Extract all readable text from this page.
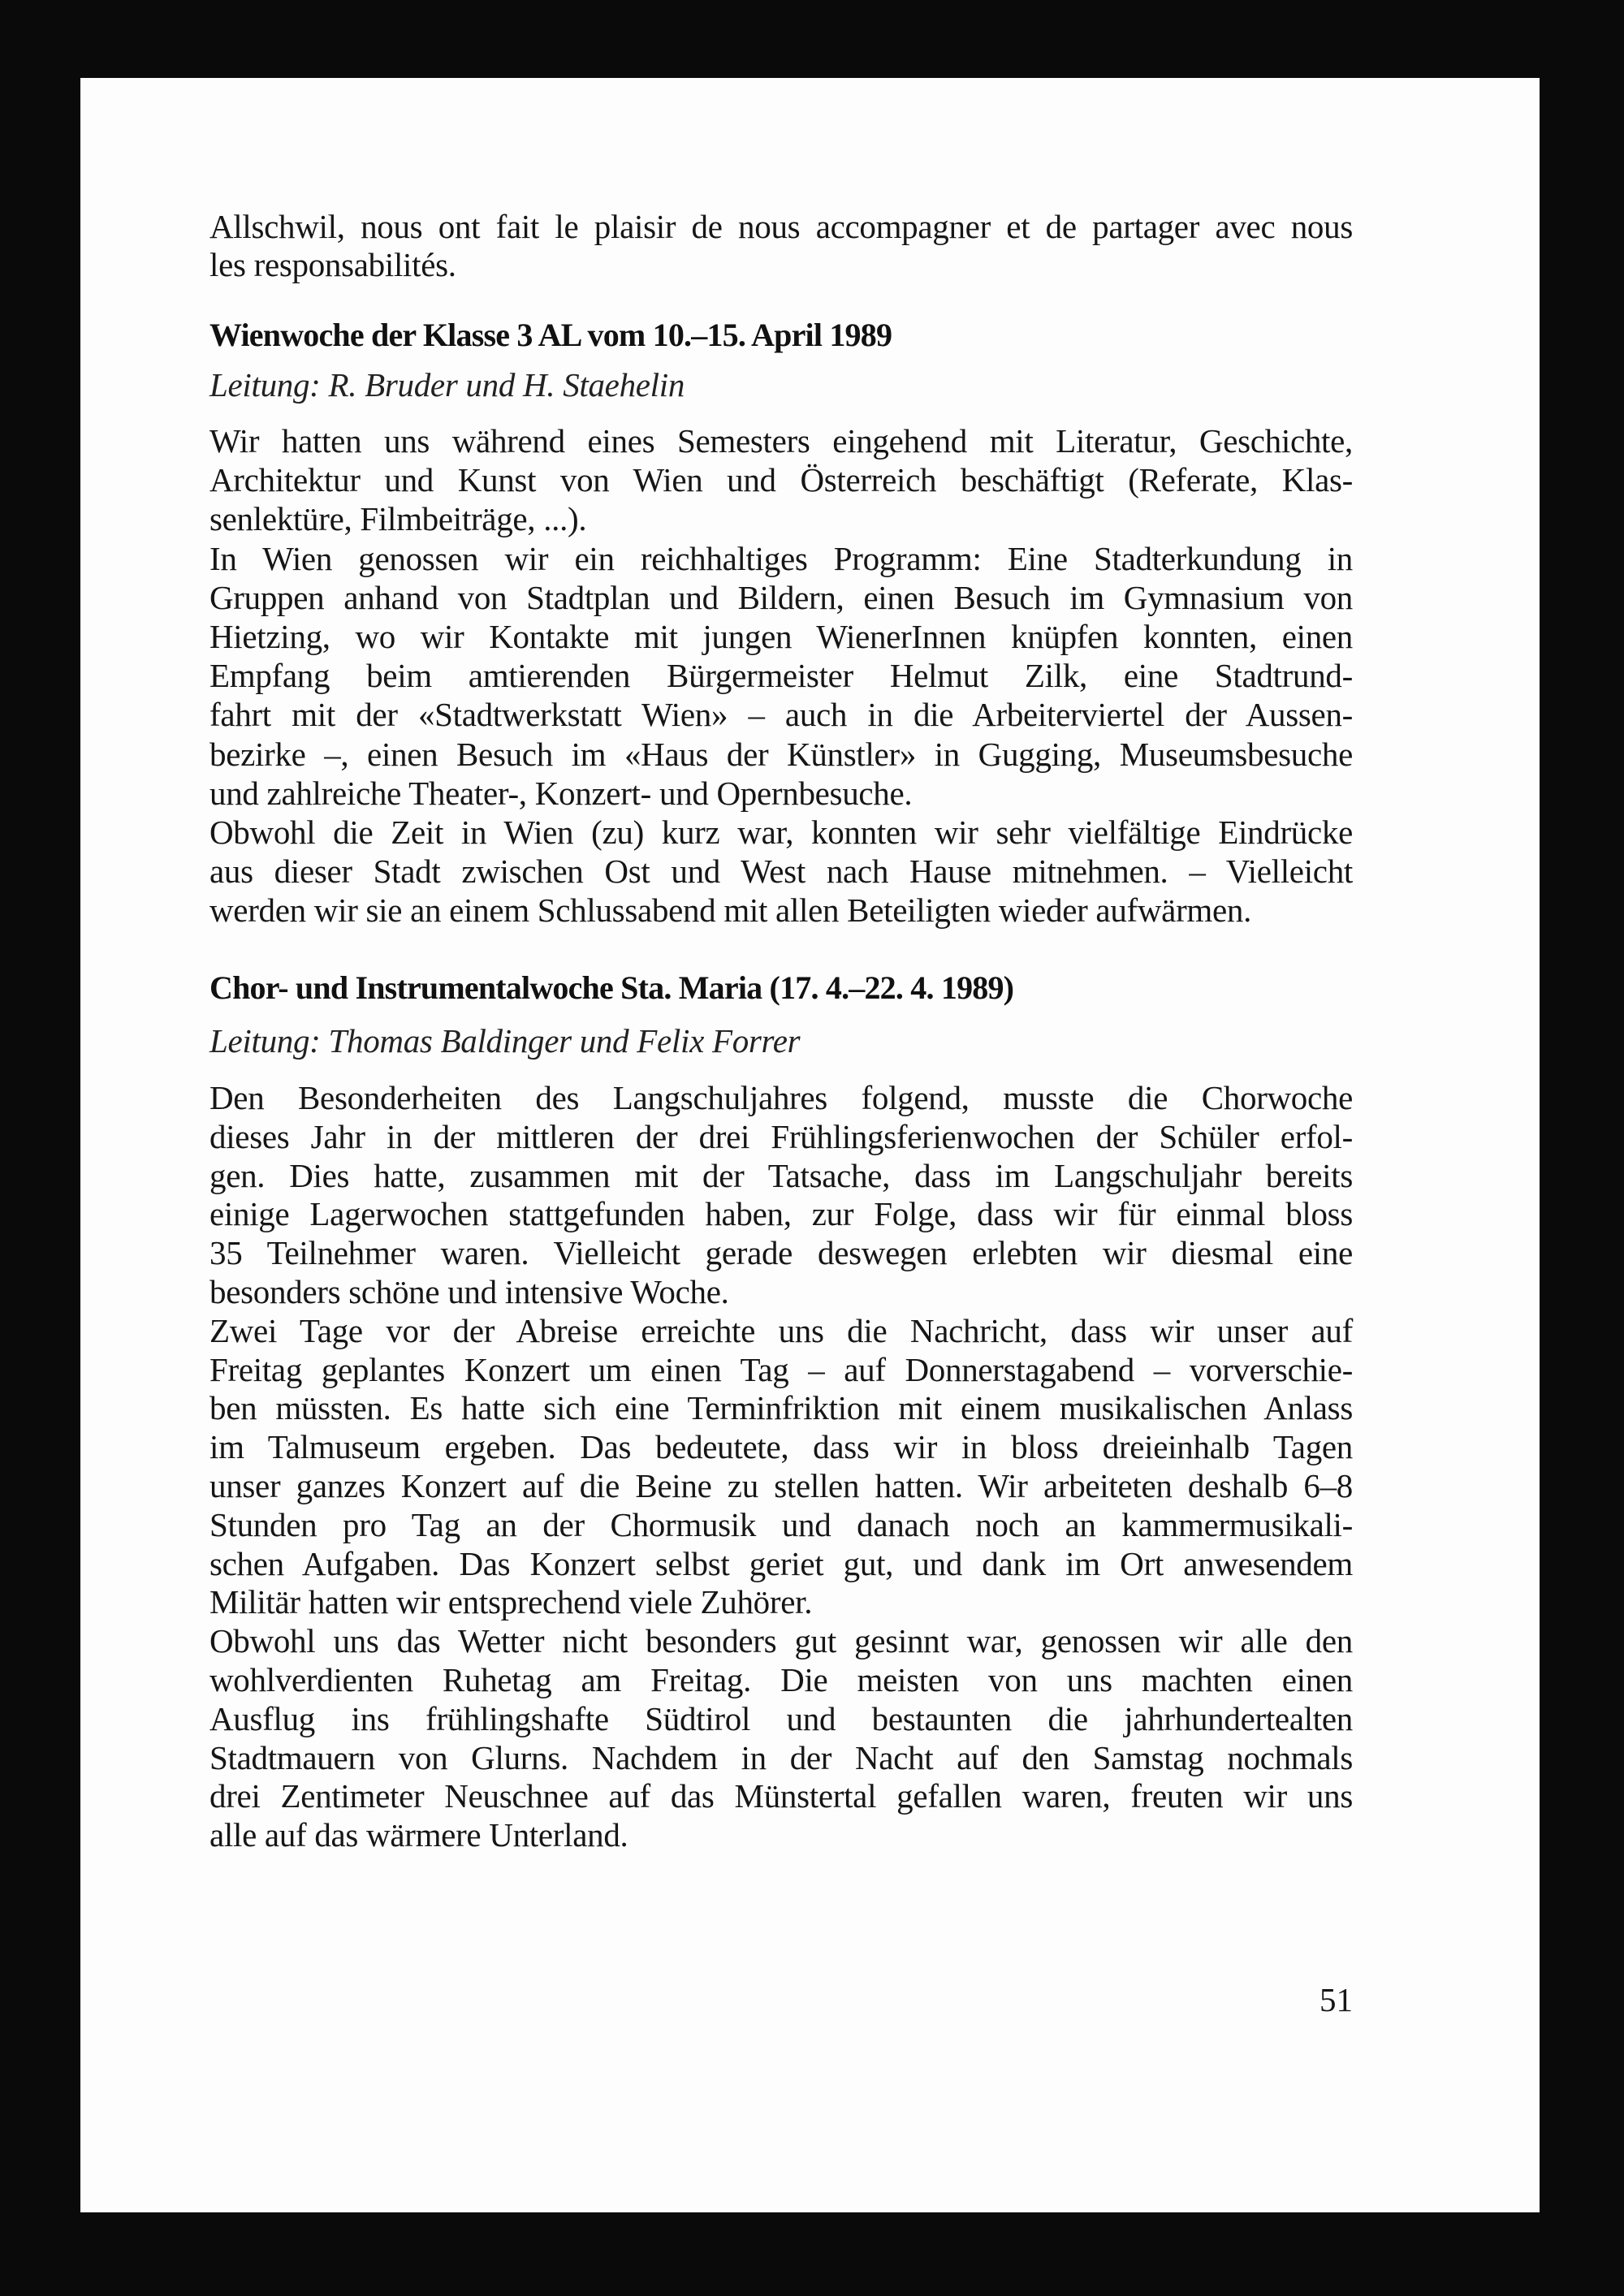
Wienwoche der Klasse 3 AL vom 10.–15. April 1989
Leitung: R. Bruder und H. Staehelin
Chor- und Instrumentalwoche Sta. Maria (17. 4.–22. 4. 1989)
Leitung: Thomas Baldinger und Felix Forrer
51
Allschwil, nous ont fait le plaisir de nous accompagner et de partager avec nous
les responsabilités.
Wir hatten uns während eines Semesters eingehend mit Literatur, Geschichte,
Architektur und Kunst von Wien und Österreich beschäftigt (Referate, Klas-
senlektüre, Filmbeiträge, ...).
In Wien genossen wir ein reichhaltiges Programm: Eine Stadterkundung in
Gruppen anhand von Stadtplan und Bildern, einen Besuch im Gymnasium von
Hietzing, wo wir Kontakte mit jungen WienerInnen knüpfen konnten, einen
Empfang beim amtierenden Bürgermeister Helmut Zilk, eine Stadtrund-
fahrt mit der «Stadtwerkstatt Wien» – auch in die Arbeiterviertel der Aussen-
bezirke –, einen Besuch im «Haus der Künstler» in Gugging, Museumsbesuche
und zahlreiche Theater-, Konzert- und Opernbesuche.
Obwohl die Zeit in Wien (zu) kurz war, konnten wir sehr vielfältige Eindrücke
aus dieser Stadt zwischen Ost und West nach Hause mitnehmen. – Vielleicht
werden wir sie an einem Schlussabend mit allen Beteiligten wieder aufwärmen.
Den Besonderheiten des Langschuljahres folgend, musste die Chorwoche
dieses Jahr in der mittleren der drei Frühlingsferienwochen der Schüler erfol-
gen. Dies hatte, zusammen mit der Tatsache, dass im Langschuljahr bereits
einige Lagerwochen stattgefunden haben, zur Folge, dass wir für einmal bloss
35 Teilnehmer waren. Vielleicht gerade deswegen erlebten wir diesmal eine
besonders schöne und intensive Woche.
Zwei Tage vor der Abreise erreichte uns die Nachricht, dass wir unser auf
Freitag geplantes Konzert um einen Tag – auf Donnerstagabend – vorverschie-
ben müssten. Es hatte sich eine Terminfriktion mit einem musikalischen Anlass
im Talmuseum ergeben. Das bedeutete, dass wir in bloss dreieinhalb Tagen
unser ganzes Konzert auf die Beine zu stellen hatten. Wir arbeiteten deshalb 6–8
Stunden pro Tag an der Chormusik und danach noch an kammermusikali-
schen Aufgaben. Das Konzert selbst geriet gut, und dank im Ort anwesendem
Militär hatten wir entsprechend viele Zuhörer.
Obwohl uns das Wetter nicht besonders gut gesinnt war, genossen wir alle den
wohlverdienten Ruhetag am Freitag. Die meisten von uns machten einen
Ausflug ins frühlingshafte Südtirol und bestaunten die jahrhundertealten
Stadtmauern von Glurns. Nachdem in der Nacht auf den Samstag nochmals
drei Zentimeter Neuschnee auf das Münstertal gefallen waren, freuten wir uns
alle auf das wärmere Unterland.
